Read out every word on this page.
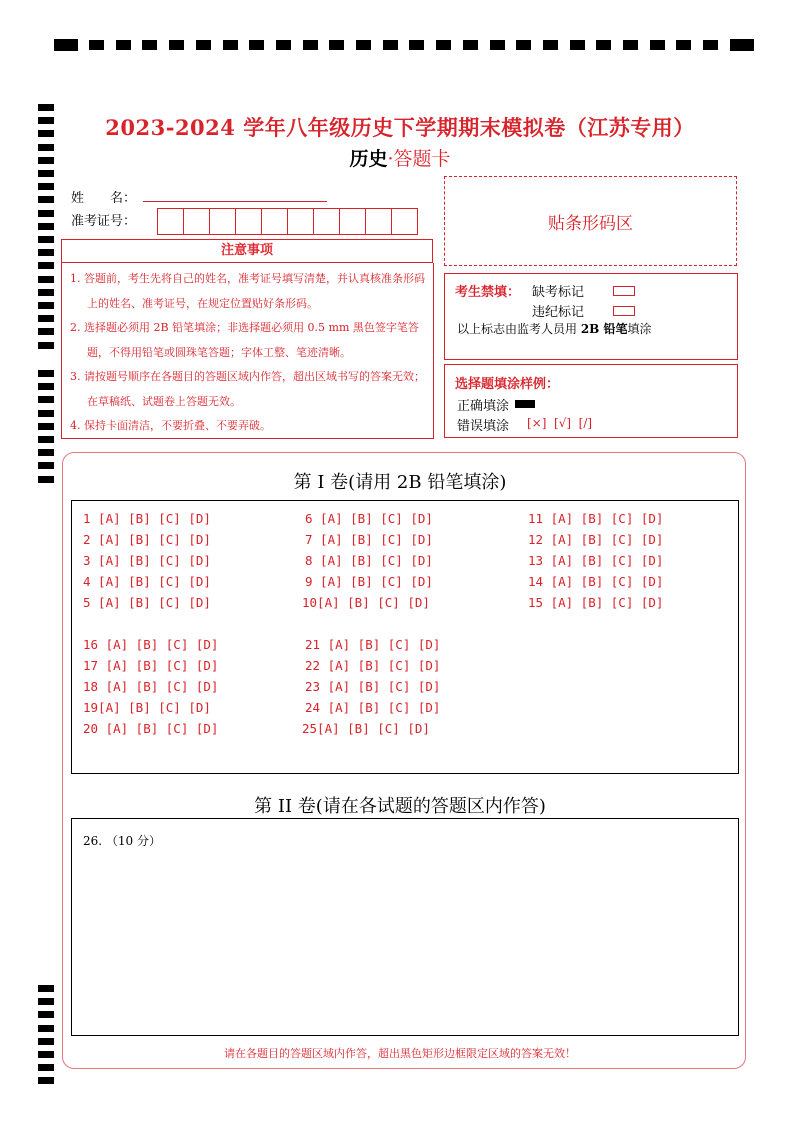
2023-2024 学年八年级历史下学期期末模拟卷（江苏专用）
历史·答题卡
姓　　名：
准考证号：	贴条形码区
注意事项
1. 答题前，考生先将自己的姓名，准考证号填写清楚，并认真核准条形码上的姓名、准考证号，在规定位置贴好条形码。
2. 选择题必须用 2B 铅笔填涂；非选择题必须用 0.5 mm 黑色签字笔答题，不得用铅笔或圆珠笔答题；字体工整、笔迹清晰。
3. 请按题号顺序在各题目的答题区域内作答，超出区域书写的答案无效；在草稿纸、试题卷上答题无效。
4. 保持卡面清洁，不要折叠、不要弄破。
考生禁填： 缺考标记
违纪标记
以上标志由监考人员用 2B 铅笔填涂
选择题填涂样例：
正确填涂
错误填涂 [×]  [√]  [/]
第 I 卷(请用 2B 铅笔填涂)
1 [A] [B] [C] [D]
2 [A] [B] [C] [D]
3 [A] [B] [C] [D]
4 [A] [B] [C] [D]
5 [A] [B] [C] [D]
6 [A] [B] [C] [D]
7 [A] [B] [C] [D]
8 [A] [B] [C] [D]
9 [A] [B] [C] [D]
10[A] [B] [C] [D]
11 [A] [B] [C] [D]
12 [A] [B] [C] [D]
13 [A] [B] [C] [D]
14 [A] [B] [C] [D]
15 [A] [B] [C] [D]
16 [A] [B] [C] [D]
17 [A] [B] [C] [D]
18 [A] [B] [C] [D]
19[A] [B] [C] [D]
20 [A] [B] [C] [D]
21 [A] [B] [C] [D]
22 [A] [B] [C] [D]
23 [A] [B] [C] [D]
24 [A] [B] [C] [D]
25[A] [B] [C] [D]
第 II 卷(请在各试题的答题区内作答)
26. （10 分）
请在各题目的答题区域内作答，超出黑色矩形边框限定区域的答案无效！
